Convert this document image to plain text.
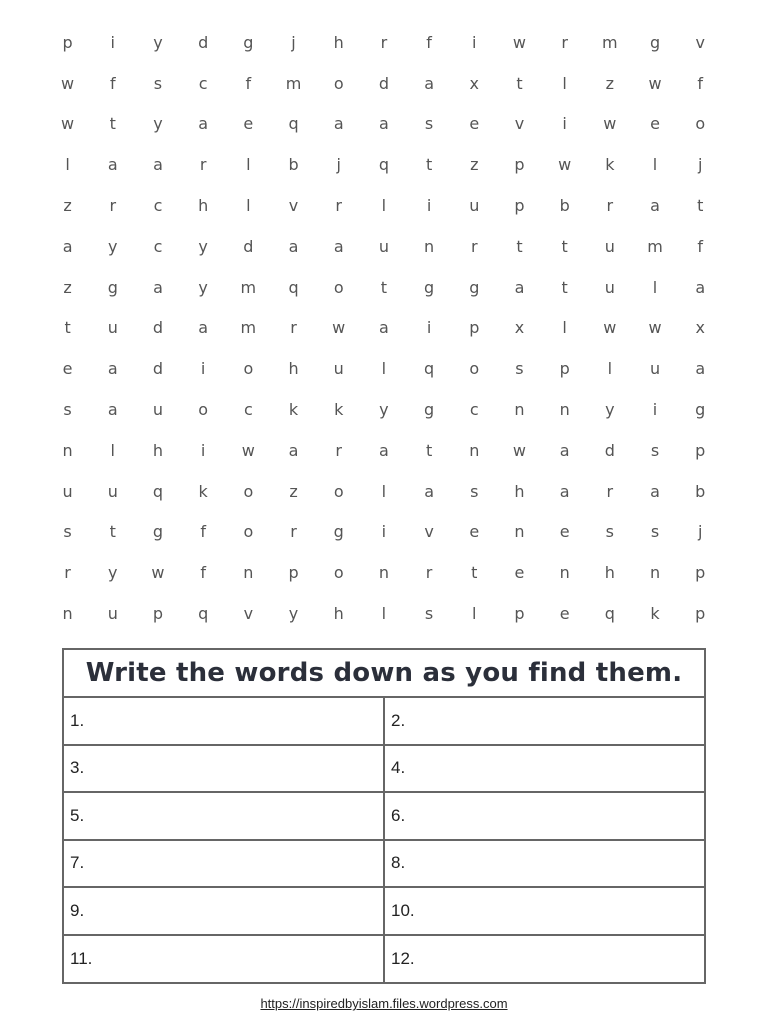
p	i	y	d	g	j	h	r	f	i	w	r	m	g	v
w	f	s	c	f	m	o	d	a	x	t	l	z	w	f
w	t	y	a	e	q	a	a	s	e	v	i	w	e	o
l	a	a	r	l	b	j	q	t	z	p	w	k	l	j
z	r	c	h	l	v	r	l	i	u	p	b	r	a	t
a	y	c	y	d	a	a	u	n	r	t	t	u	m	f
z	g	a	y	m	q	o	t	g	g	a	t	u	l	a
t	u	d	a	m	r	w	a	i	p	x	l	w	w	x
e	a	d	i	o	h	u	l	q	o	s	p	l	u	a
s	a	u	o	c	k	k	y	g	c	n	n	y	i	g
n	l	h	i	w	a	r	a	t	n	w	a	d	s	p
u	u	q	k	o	z	o	l	a	s	h	a	r	a	b
s	t	g	f	o	r	g	i	v	e	n	e	s	s	j
r	y	w	f	n	p	o	n	r	t	e	n	h	n	p
n	u	p	q	v	y	h	l	s	l	p	e	q	k	p
Write the words down as you find them.
1.	2.
3.	4.
5.	6.
7.	8.
9.	10.
11.	12.
https://inspiredbyislam.files.wordpress.com
